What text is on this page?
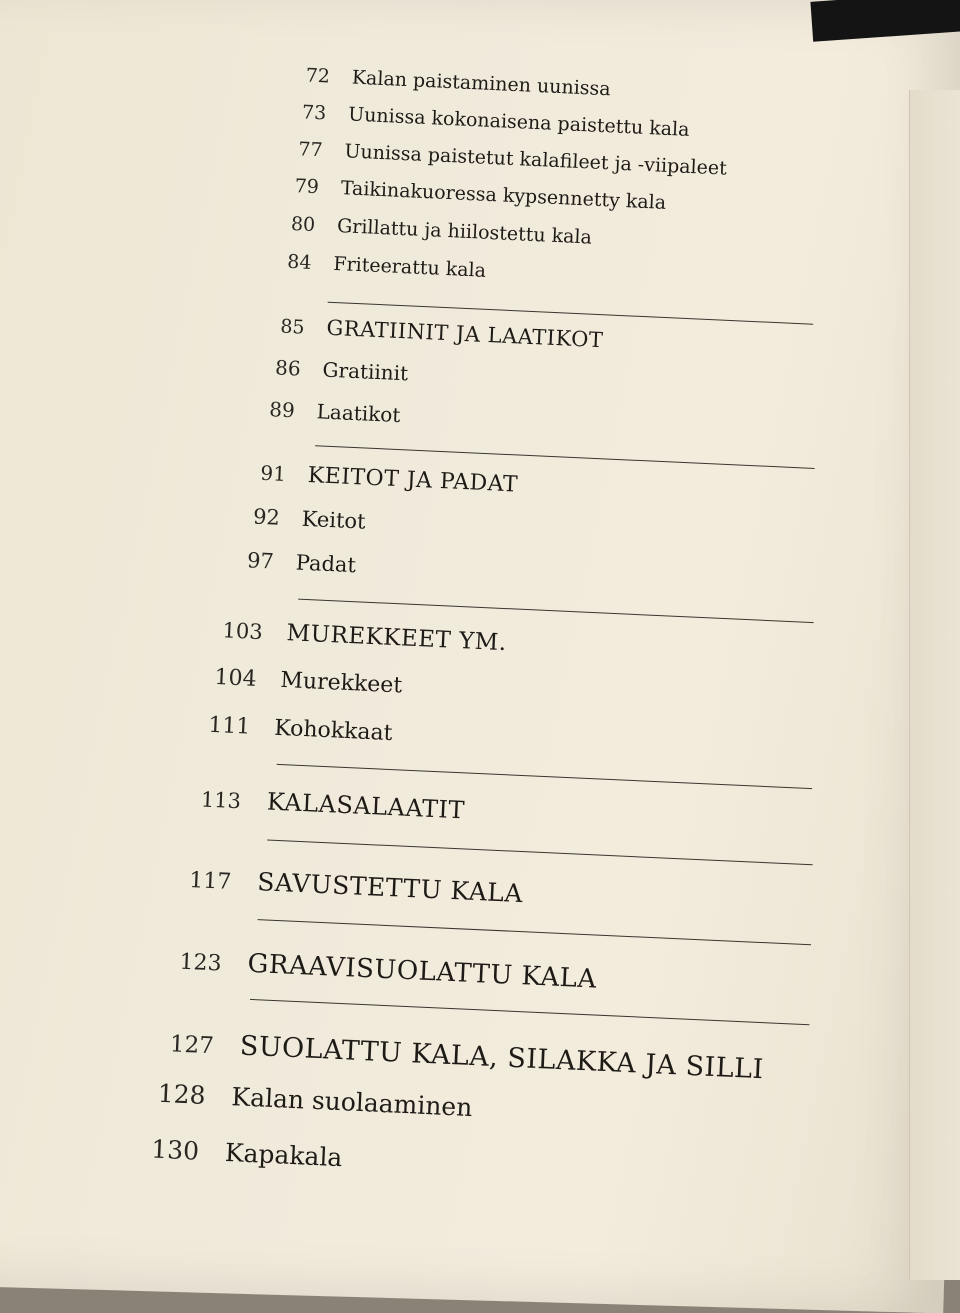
72 Kalan paistaminen uunissa
73 Uunissa kokonaisena paistettu kala
77 Uunissa paistetut kalafileet ja -viipaleet
79 Taikinakuoressa kypsennetty kala
80 Grillattu ja hiilostettu kala
84 Friteerattu kala
85 GRATIINIT JA LAATIKOT
86 Gratiinit
89 Laatikot
91 KEITOT JA PADAT
92 Keitot
97 Padat
103 MUREKKEET YM.
104 Murekkeet
111 Kohokkaat
113 KALASALAATIT
117 SAVUSTETTU KALA
123 GRAAVISUOLATTU KALA
127 SUOLATTU KALA, SILAKKA JA SILLI
128 Kalan suolaaminen
130 Kapakala
